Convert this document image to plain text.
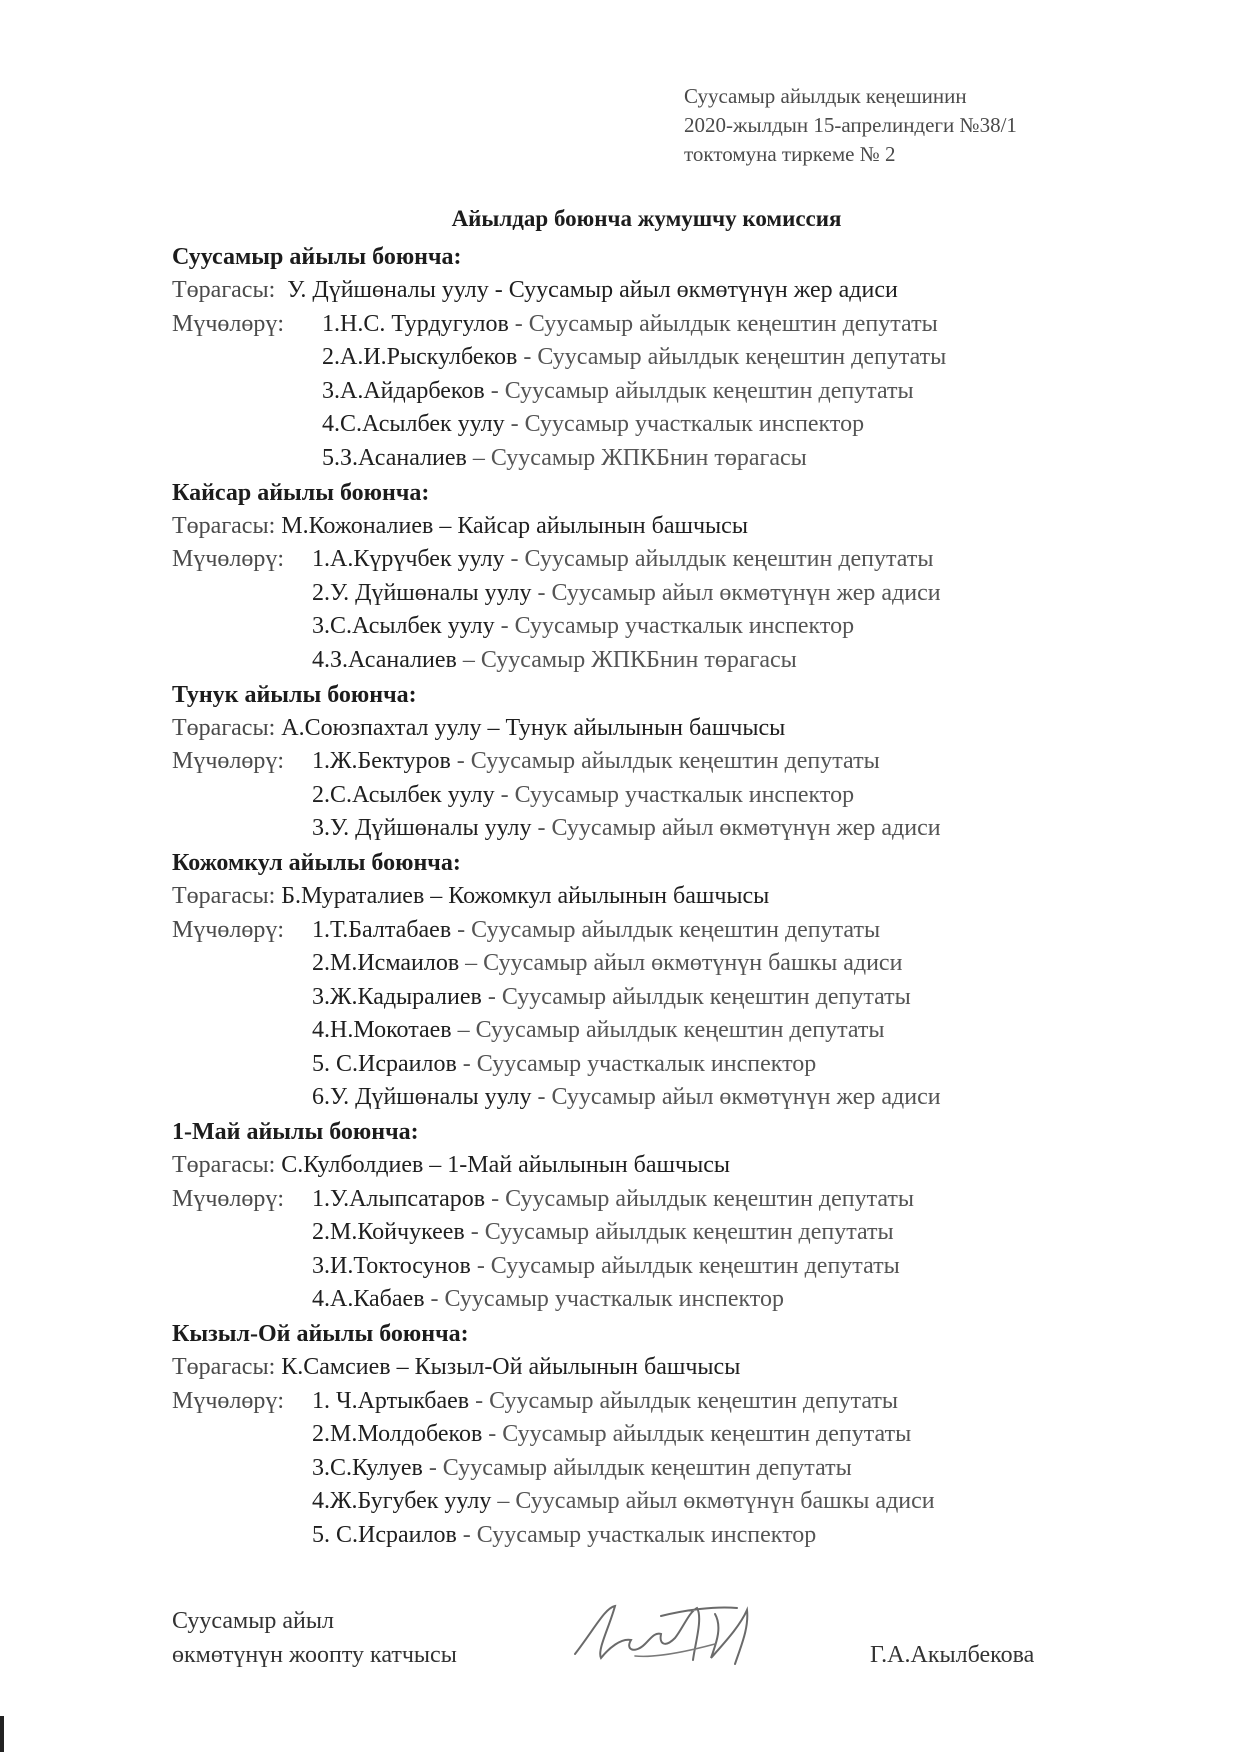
Суусамыр айылдык кеңешинин
2020-жылдын 15-апрелиндеги №38/1
токтомуна тиркеме № 2
Айылдар боюнча жумушчу комиссия
Суусамыр айылы боюнча:
Төрагасы:  У. Дүйшөналы уулу - Суусамыр айыл өкмөтүнүн жер адиси
Мүчөлөрү: 1.Н.С. Турдугулов - Суусамыр айылдык кеңештин депутаты
2.А.И.Рыскулбеков - Суусамыр айылдык кеңештин депутаты
3.А.Айдарбеков - Суусамыр айылдык кеңештин депутаты
4.С.Асылбек уулу - Суусамыр участкалык инспектор
5.З.Асаналиев – Суусамыр ЖПКБнин төрагасы
Кайсар айылы боюнча:
Төрагасы: М.Кожоналиев – Кайсар айылынын башчысы
Мүчөлөрү: 1.А.Күрүчбек уулу - Суусамыр айылдык кеңештин депутаты
2.У. Дүйшөналы уулу - Суусамыр айыл өкмөтүнүн жер адиси
3.С.Асылбек уулу - Суусамыр участкалык инспектор
4.З.Асаналиев – Суусамыр ЖПКБнин төрагасы
Тунук айылы боюнча:
Төрагасы: А.Союзпахтал уулу – Тунук айылынын башчысы
Мүчөлөрү: 1.Ж.Бектуров - Суусамыр айылдык кеңештин депутаты
2.С.Асылбек уулу - Суусамыр участкалык инспектор
3.У. Дүйшөналы уулу - Суусамыр айыл өкмөтүнүн жер адиси
Кожомкул айылы боюнча:
Төрагасы: Б.Мураталиев – Кожомкул айылынын башчысы
Мүчөлөрү: 1.Т.Балтабаев - Суусамыр айылдык кеңештин депутаты
2.М.Исмаилов – Суусамыр айыл өкмөтүнүн башкы адиси
3.Ж.Кадыралиев - Суусамыр айылдык кеңештин депутаты
4.Н.Мокотаев – Суусамыр айылдык кеңештин депутаты
5. С.Исраилов - Суусамыр участкалык инспектор
6.У. Дүйшөналы уулу - Суусамыр айыл өкмөтүнүн жер адиси
1-Май айылы боюнча:
Төрагасы: С.Кулболдиев – 1-Май айылынын башчысы
Мүчөлөрү: 1.У.Алыпсатаров - Суусамыр айылдык кеңештин депутаты
2.М.Койчукеев - Суусамыр айылдык кеңештин депутаты
3.И.Токтосунов - Суусамыр айылдык кеңештин депутаты
4.А.Кабаев - Суусамыр участкалык инспектор
Кызыл-Ой айылы боюнча:
Төрагасы: К.Самсиев – Кызыл-Ой айылынын башчысы
Мүчөлөрү: 1. Ч.Артыкбаев - Суусамыр айылдык кеңештин депутаты
2.М.Молдобеков - Суусамыр айылдык кеңештин депутаты
3.С.Кулуев - Суусамыр айылдык кеңештин депутаты
4.Ж.Бугубек уулу – Суусамыр айыл өкмөтүнүн башкы адиси
5. С.Исраилов - Суусамыр участкалык инспектор
Суусамыр айыл
өкмөтүнүн жоопту катчысы	Г.А.Акылбекова
